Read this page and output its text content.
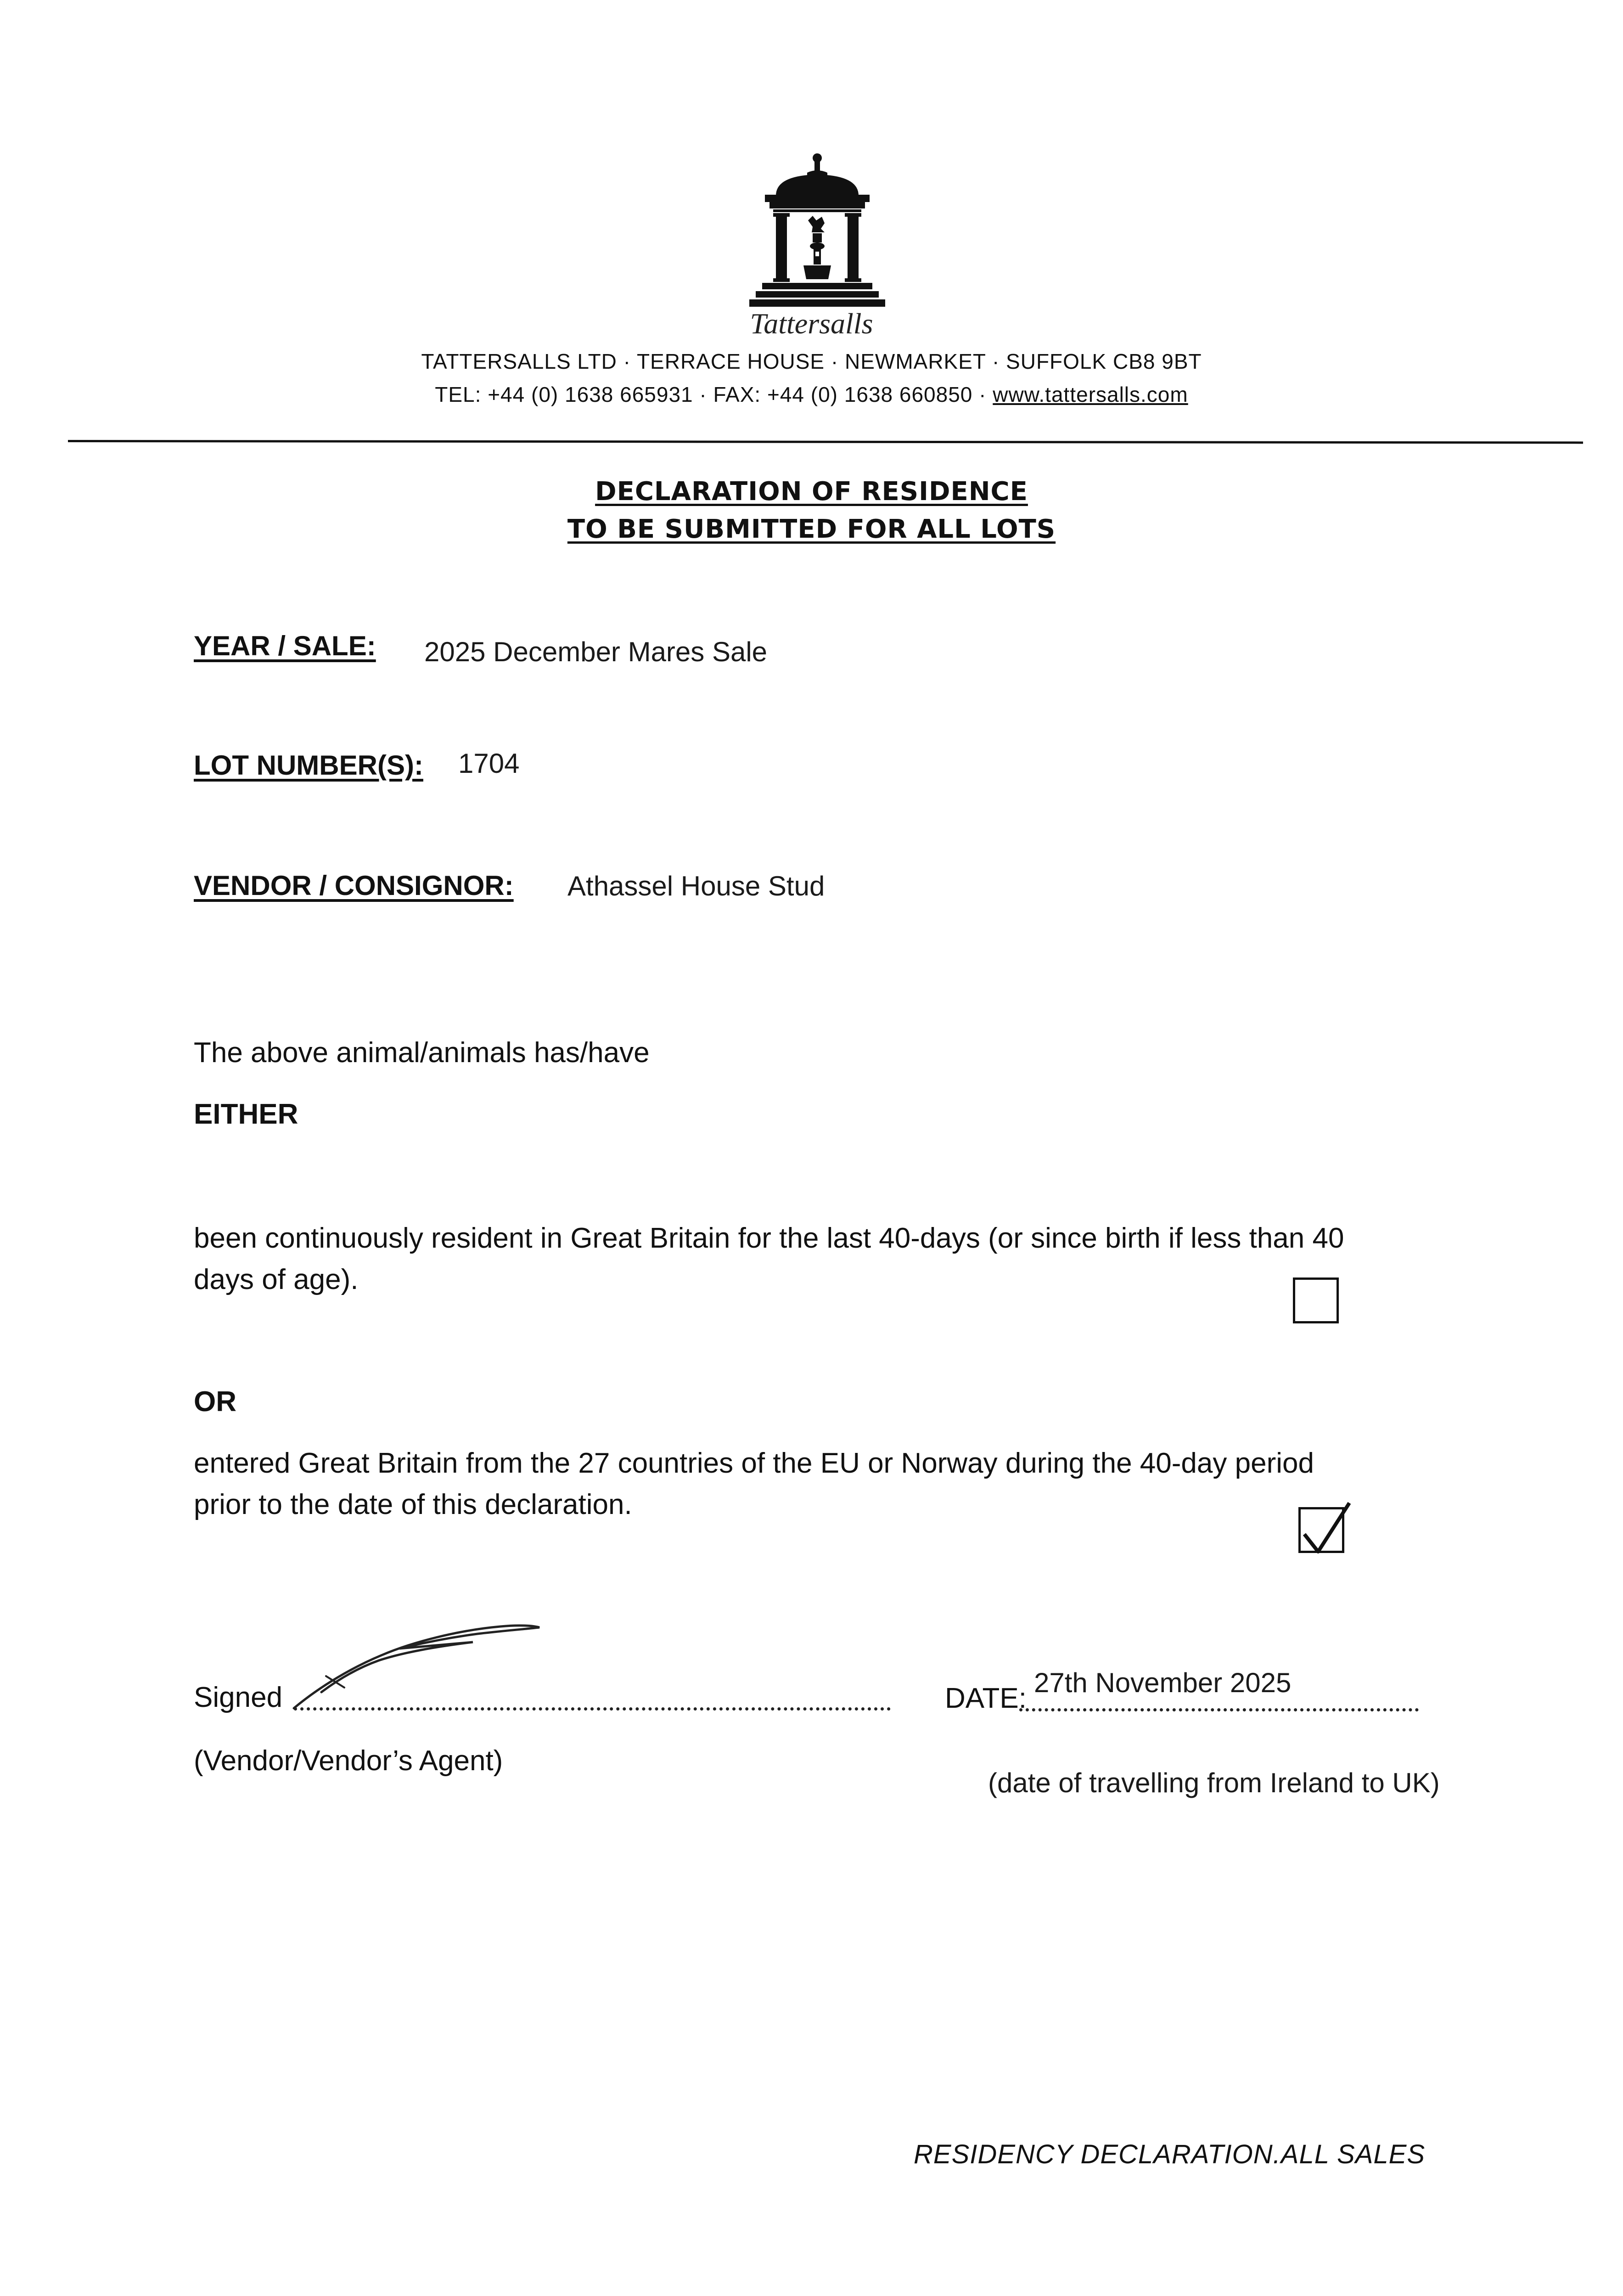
Tattersalls
TATTERSALLS LTD · TERRACE HOUSE · NEWMARKET · SUFFOLK CB8 9BT
TEL: +44 (0) 1638 665931 · FAX: +44 (0) 1638 660850 · www.tattersalls.com
DECLARATION OF RESIDENCE
TO BE SUBMITTED FOR ALL LOTS
YEAR / SALE: 2025 December Mares Sale
LOT NUMBER(S): 1704
VENDOR / CONSIGNOR: Athassel House Stud
The above animal/animals has/have
EITHER
been continuously resident in Great Britain for the last 40-days (or since birth if less than 40
days of age).
OR
entered Great Britain from the 27 countries of the EU or Norway during the 40-day period
prior to the date of this declaration.
Signed	DATE: 27th November 2025
(Vendor/Vendor’s Agent)
(date of travelling from Ireland to UK)
RESIDENCY DECLARATION.ALL SALES
